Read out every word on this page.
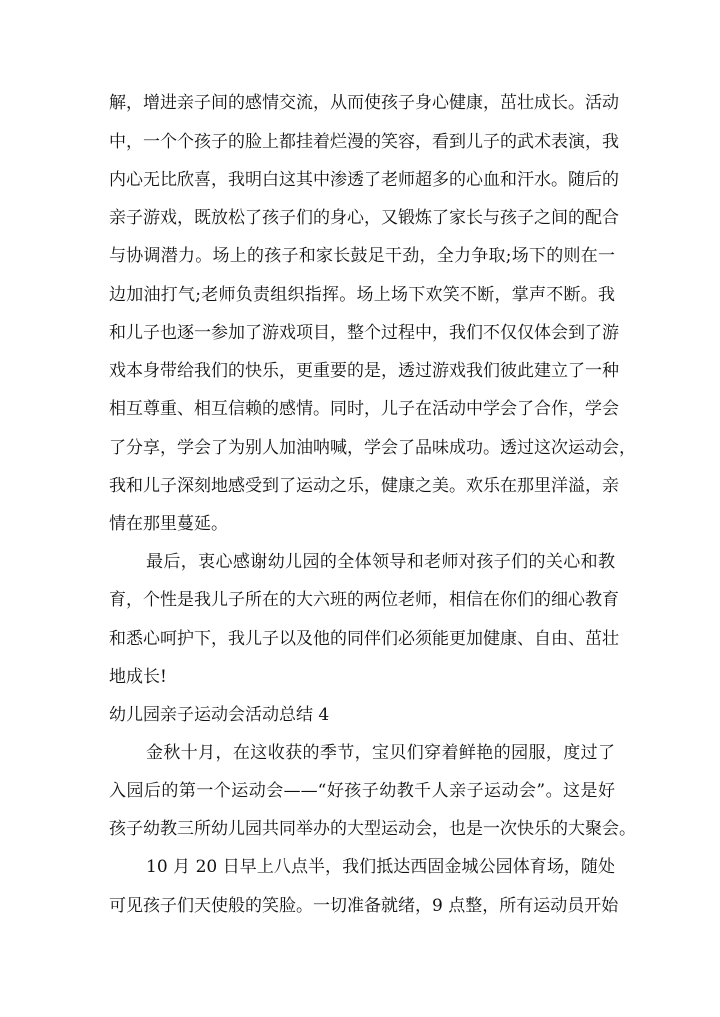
解，增进亲子间的感情交流，从而使孩子身心健康，茁壮成长。活动
中，一个个孩子的脸上都挂着烂漫的笑容，看到儿子的武术表演，我
内心无比欣喜，我明白这其中渗透了老师超多的心血和汗水。随后的
亲子游戏，既放松了孩子们的身心，又锻炼了家长与孩子之间的配合
与协调潜力。场上的孩子和家长鼓足干劲，全力争取;场下的则在一
边加油打气;老师负责组织指挥。场上场下欢笑不断，掌声不断。我
和儿子也逐一参加了游戏项目，整个过程中，我们不仅仅体会到了游
戏本身带给我们的快乐，更重要的是，透过游戏我们彼此建立了一种
相互尊重、相互信赖的感情。同时，儿子在活动中学会了合作，学会
了分享，学会了为别人加油呐喊，学会了品味成功。透过这次运动会，
我和儿子深刻地感受到了运动之乐，健康之美。欢乐在那里洋溢，亲
情在那里蔓延。
最后，衷心感谢幼儿园的全体领导和老师对孩子们的关心和教
育，个性是我儿子所在的大六班的两位老师，相信在你们的细心教育
和悉心呵护下，我儿子以及他的同伴们必须能更加健康、自由、茁壮
地成长!
幼儿园亲子运动会活动总结 4
金秋十月，在这收获的季节，宝贝们穿着鲜艳的园服，度过了
入园后的第一个运动会——“好孩子幼教千人亲子运动会”。这是好
孩子幼教三所幼儿园共同举办的大型运动会，也是一次快乐的大聚会。
10 月 20 日早上八点半，我们抵达西固金城公园体育场，随处
可见孩子们天使般的笑脸。一切准备就绪，9 点整，所有运动员开始
